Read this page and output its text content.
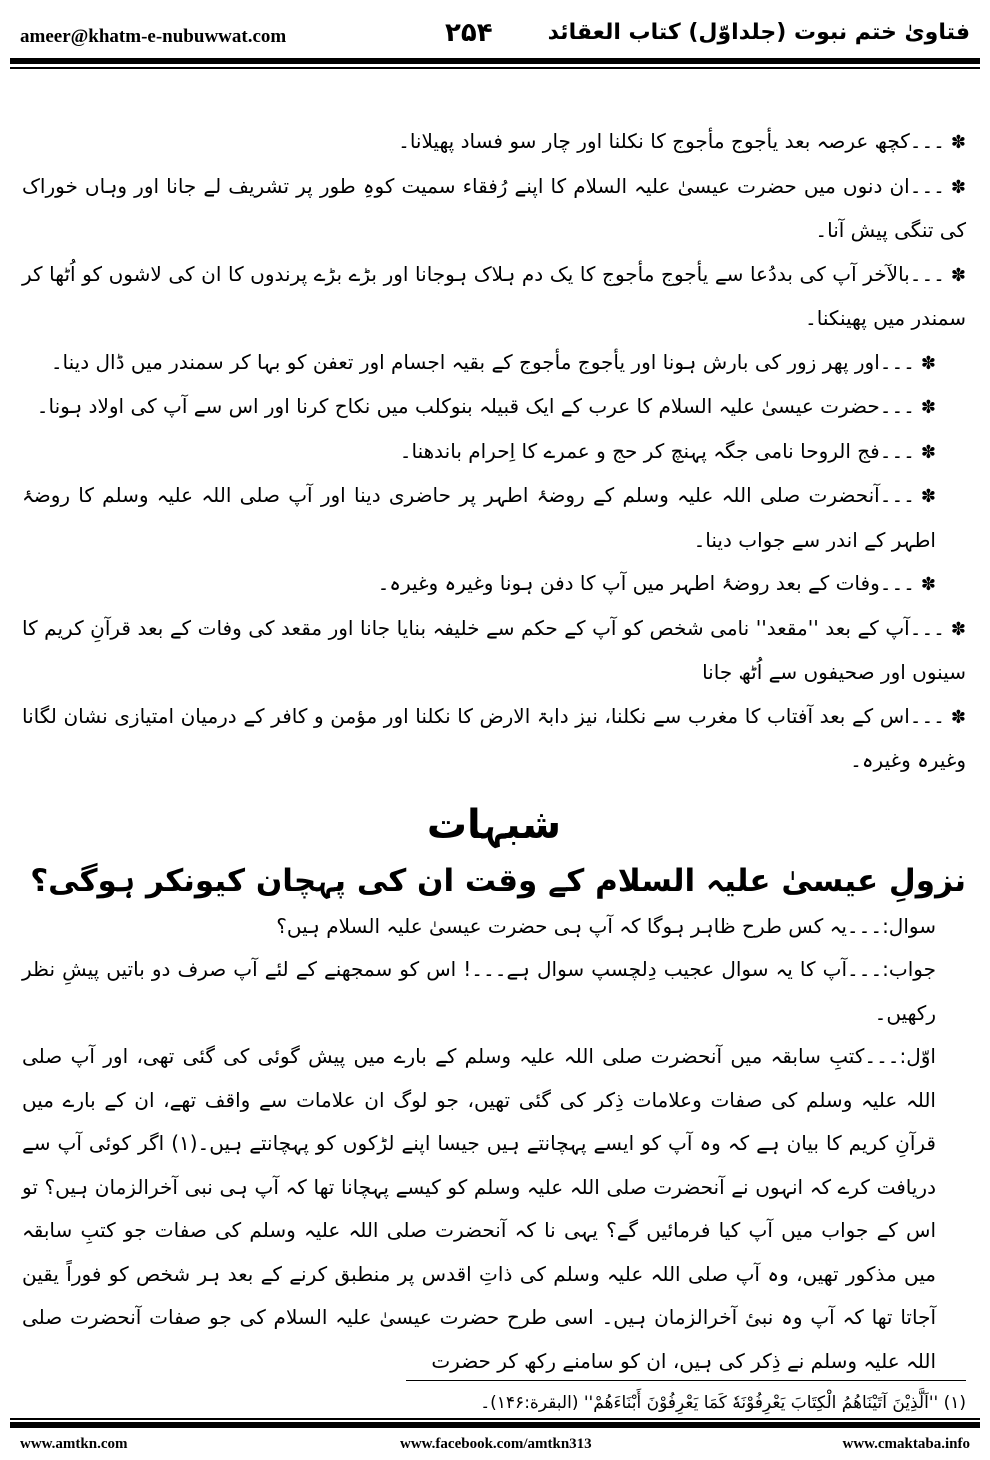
ameer@khatm-e-nubuwwat.com	۲۵۴ فتاویٰ ختم نبوت (جلداوّل) کتاب العقائد

✽۔۔۔کچھ عرصہ بعد یأجوج مأجوج کا نکلنا اور چار سو فساد پھیلانا۔

✽۔۔۔ان دنوں میں حضرت عیسیٰ علیہ السلام کا اپنے رُفقاء سمیت کوہِ طور پر تشریف لے جانا اور وہاں خوراک کی تنگی پیش آنا۔

✽۔۔۔بالآخر آپ کی بددُعا سے یأجوج مأجوج کا یک دم ہلاک ہوجانا اور بڑے بڑے پرندوں کا ان کی لاشوں کو اُٹھا کر سمندر میں پھینکنا۔

✽۔۔۔اور پھر زور کی بارش ہونا اور یأجوج مأجوج کے بقیہ اجسام اور تعفن کو بہا کر سمندر میں ڈال دینا۔

✽۔۔۔حضرت عیسیٰ علیہ السلام کا عرب کے ایک قبیلہ بنوکلب میں نکاح کرنا اور اس سے آپ کی اولاد ہونا۔

✽۔۔۔فج الروحا نامی جگہ پہنچ کر حج و عمرے کا اِحرام باندھنا۔

✽۔۔۔آنحضرت صلی اللہ علیہ وسلم کے روضۂ اطہر پر حاضری دینا اور آپ صلی اللہ علیہ وسلم کا روضۂ اطہر کے اندر سے جواب دینا۔

✽۔۔۔وفات کے بعد روضۂ اطہر میں آپ کا دفن ہونا وغیرہ وغیرہ۔

✽۔۔۔آپ کے بعد ''مقعد'' نامی شخص کو آپ کے حکم سے خلیفہ بنایا جانا اور مقعد کی وفات کے بعد قرآنِ کریم کا سینوں اور صحیفوں سے اُٹھ جانا

✽۔۔۔اس کے بعد آفتاب کا مغرب سے نکلنا، نیز دابۃ الارض کا نکلنا اور مؤمن و کافر کے درمیان امتیازی نشان لگانا وغیرہ وغیرہ۔

شبہات

نزولِ عیسیٰ علیہ السلام کے وقت ان کی پہچان کیونکر ہوگی؟

سوال:۔۔۔یہ کس طرح ظاہر ہوگا کہ آپ ہی حضرت عیسیٰ علیہ السلام ہیں؟

جواب:۔۔۔آپ کا یہ سوال عجیب دِلچسپ سوال ہے۔۔۔! اس کو سمجھنے کے لئے آپ صرف دو باتیں پیشِ نظر رکھیں۔

اوّل:۔۔۔کتبِ سابقہ میں آنحضرت صلی اللہ علیہ وسلم کے بارے میں پیش گوئی کی گئی تھی، اور آپ صلی اللہ علیہ وسلم کی صفات وعلامات ذِکر کی گئی تھیں، جو لوگ ان علامات سے واقف تھے، ان کے بارے میں قرآنِ کریم کا بیان ہے کہ وہ آپ کو ایسے پہچانتے ہیں جیسا اپنے لڑکوں کو پہچانتے ہیں۔(۱) اگر کوئی آپ سے دریافت کرے کہ انہوں نے آنحضرت صلی اللہ علیہ وسلم کو کیسے پہچانا تھا کہ آپ ہی نبی آخرالزمان ہیں؟ تو اس کے جواب میں آپ کیا فرمائیں گے؟ یہی نا کہ آنحضرت صلی اللہ علیہ وسلم کی صفات جو کتبِ سابقہ میں مذکور تھیں، وہ آپ صلی اللہ علیہ وسلم کی ذاتِ اقدس پر منطبق کرنے کے بعد ہر شخص کو فوراً یقین آجاتا تھا کہ آپ وہ نبیٔ آخرالزمان ہیں۔ اسی طرح حضرت عیسیٰ علیہ السلام کی جو صفات آنحضرت صلی اللہ علیہ وسلم نے ذِکر کی ہیں، ان کو سامنے رکھ کر حضرت

(۱) ''اَلَّذِيْنَ آتَيْنَاهُمُ الْكِتَابَ يَعْرِفُوْنَهٗ كَمَا يَعْرِفُوْنَ أَبْنَاءَهُمْ'' (البقرة:۱۴۶)۔
www.amtkn.com	www.facebook.com/amtkn313	www.cmaktaba.info
